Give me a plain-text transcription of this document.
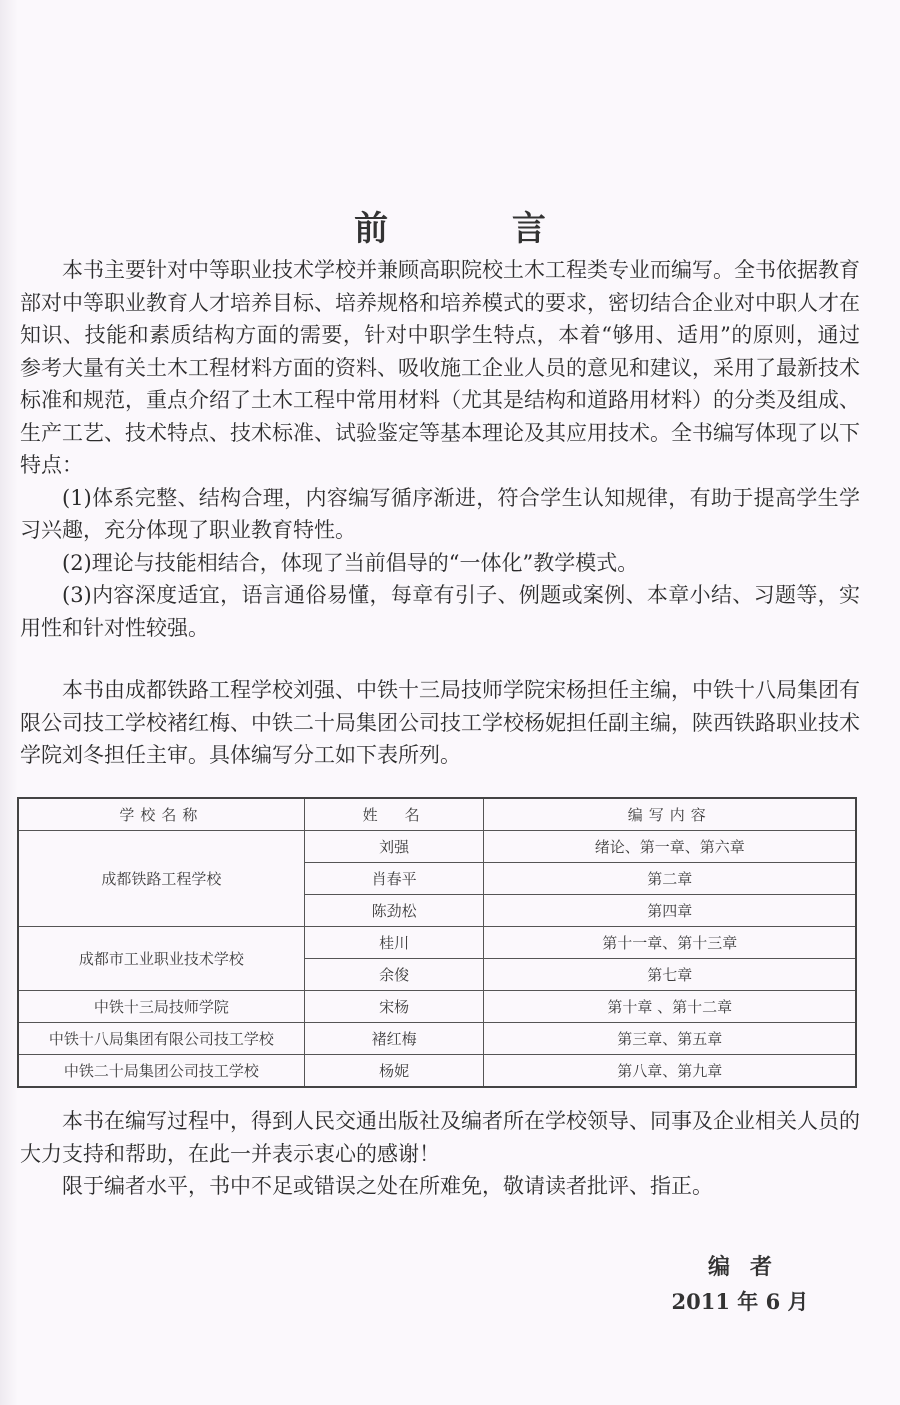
前 言

本书主要针对中等职业技术学校并兼顾高职院校土木工程类专业而编写。全书依据教育部对中等职业教育人才培养目标、培养规格和培养模式的要求，密切结合企业对中职人才在知识、技能和素质结构方面的需要，针对中职学生特点，本着“够用、适用”的原则，通过参考大量有关土木工程材料方面的资料、吸收施工企业人员的意见和建议，采用了最新技术标准和规范，重点介绍了土木工程中常用材料（尤其是结构和道路用材料）的分类及组成、生产工艺、技术特点、技术标准、试验鉴定等基本理论及其应用技术。全书编写体现了以下特点：

(1)体系完整、结构合理，内容编写循序渐进，符合学生认知规律，有助于提高学生学习兴趣，充分体现了职业教育特性。

(2)理论与技能相结合，体现了当前倡导的“一体化”教学模式。

(3)内容深度适宜，语言通俗易懂，每章有引子、例题或案例、本章小结、习题等，实用性和针对性较强。

本书由成都铁路工程学校刘强、中铁十三局技师学院宋杨担任主编，中铁十八局集团有限公司技工学校褚红梅、中铁二十局集团公司技工学校杨妮担任副主编，陕西铁路职业技术学院刘冬担任主审。具体编写分工如下表所列。

学校名称	姓　名	编写内容
成都铁路工程学校	刘强	绪论、第一章、第六章
	肖春平	第二章
	陈劲松	第四章
成都市工业职业技术学校	桂川	第十一章、第十三章
	余俊	第七章
中铁十三局技师学院	宋杨	第十章 、第十二章
中铁十八局集团有限公司技工学校	褚红梅	第三章、第五章
中铁二十局集团公司技工学校	杨妮	第八章、第九章

本书在编写过程中，得到人民交通出版社及编者所在学校领导、同事及企业相关人员的大力支持和帮助，在此一并表示衷心的感谢！

限于编者水平，书中不足或错误之处在所难免，敬请读者批评、指正。

编者
2011 年 6 月
